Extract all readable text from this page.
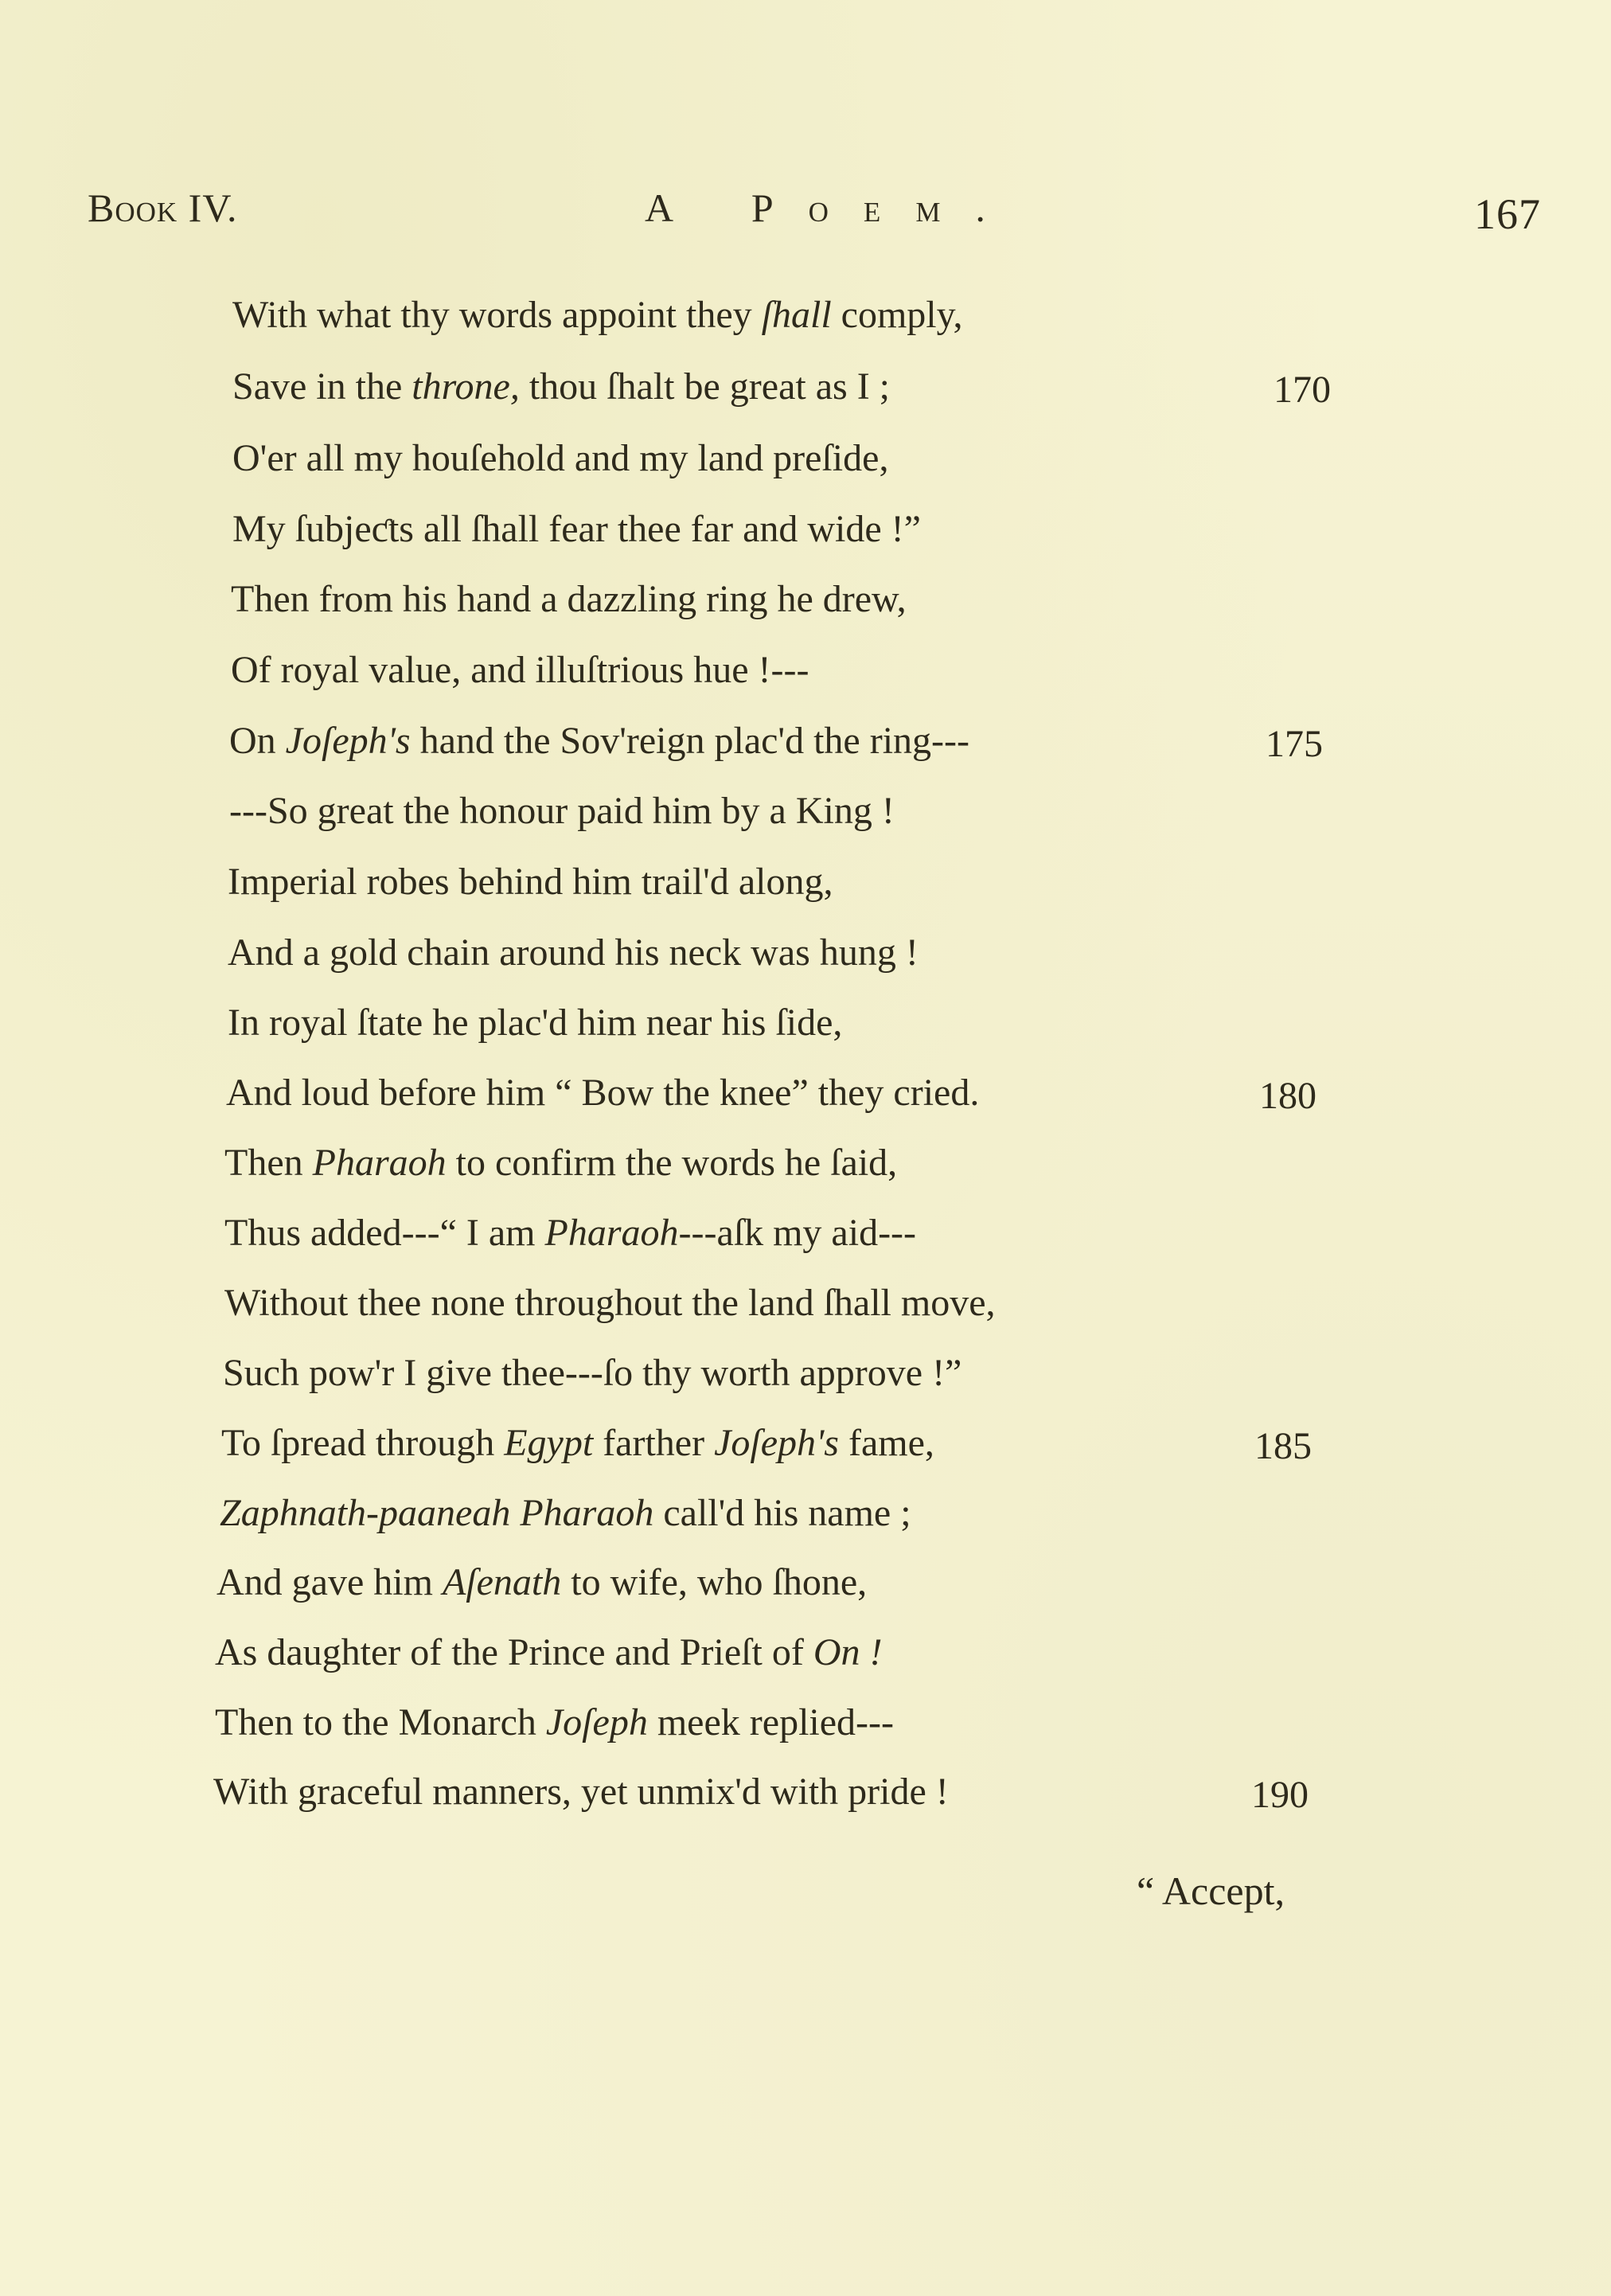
Book IV.	A Poem.	167
With what thy words appoint they ſhall comply,
Save in the throne, thou ſhalt be great as I ;
O'er all my houſehold and my land preſide,
My ſubjeƈts all ſhall fear thee far and wide !”
Then from his hand a dazzling ring he drew,
Of royal value, and illuſtrious hue !---
On Joſeph's hand the Sov'reign plac'd the ring---
---So great the honour paid him by a King !
Imperial robes behind him trail'd along,
And a gold chain around his neck was hung !
In royal ſtate he plac'd him near his ſide,
And loud before him “ Bow the knee” they cried.
Then Pharaoh to confirm the words he ſaid,
Thus added---“ I am Pharaoh---aſk my aid---
Without thee none throughout the land ſhall move,
Such pow'r I give thee---ſo thy worth approve !”
To ſpread through Egypt farther Joſeph's fame,
Zaphnath-paaneah Pharaoh call'd his name ;
And gave him Aſenath to wife, who ſhone,
As daughter of the Prince and Prieſt of On !
Then to the Monarch Joſeph meek replied---
With graceful manners, yet unmix'd with pride !
170
175
180
185
190
“ Accept,
